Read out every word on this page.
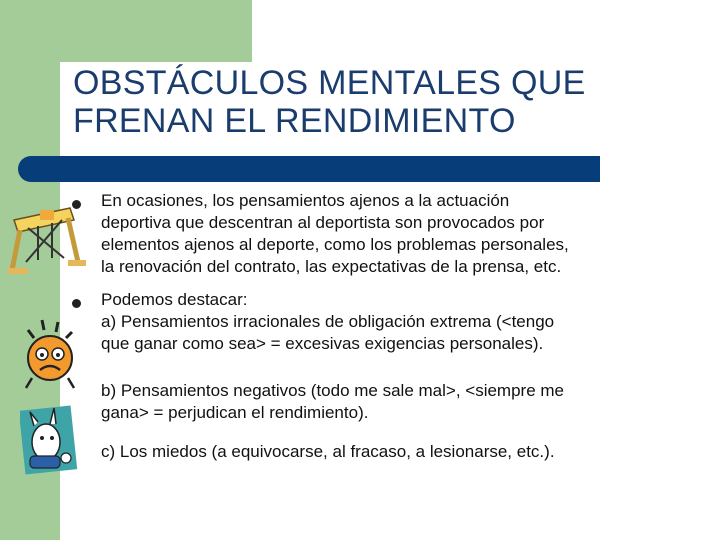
OBSTÁCULOS MENTALES QUE
FRENAN EL RENDIMIENTO
En ocasiones, los pensamientos ajenos a la actuación
deportiva que descentran al deportista son provocados por
elementos ajenos al deporte, como los problemas personales,
la renovación del contrato, las expectativas de la prensa, etc.
Podemos destacar:
a) Pensamientos irracionales de obligación extrema (<tengo
que ganar como sea> = excesivas exigencias personales).
b) Pensamientos negativos (todo me sale mal>, <siempre me
gana> = perjudican el rendimiento).
c) Los miedos (a equivocarse, al fracaso, a lesionarse, etc.).
